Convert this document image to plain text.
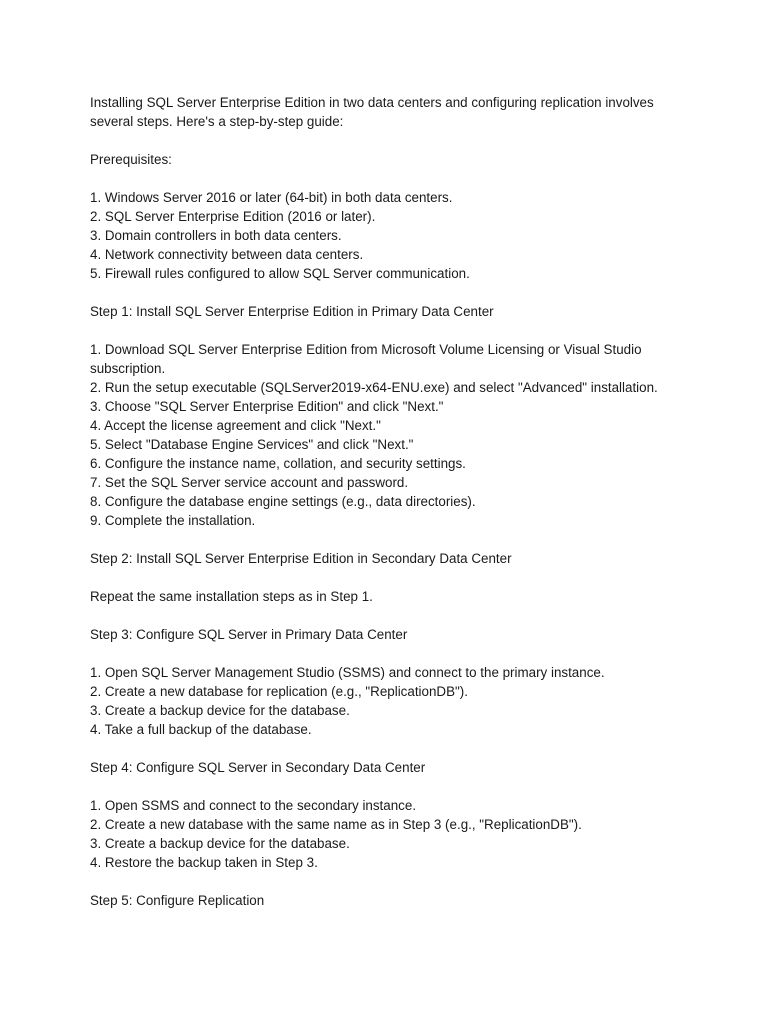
Installing SQL Server Enterprise Edition in two data centers and configuring replication involves several steps. Here's a step-by-step guide:

Prerequisites:

1. Windows Server 2016 or later (64-bit) in both data centers.
2. SQL Server Enterprise Edition (2016 or later).
3. Domain controllers in both data centers.
4. Network connectivity between data centers.
5. Firewall rules configured to allow SQL Server communication.

Step 1: Install SQL Server Enterprise Edition in Primary Data Center

1. Download SQL Server Enterprise Edition from Microsoft Volume Licensing or Visual Studio subscription.
2. Run the setup executable (SQLServer2019-x64-ENU.exe) and select "Advanced" installation.
3. Choose "SQL Server Enterprise Edition" and click "Next."
4. Accept the license agreement and click "Next."
5. Select "Database Engine Services" and click "Next."
6. Configure the instance name, collation, and security settings.
7. Set the SQL Server service account and password.
8. Configure the database engine settings (e.g., data directories).
9. Complete the installation.

Step 2: Install SQL Server Enterprise Edition in Secondary Data Center

Repeat the same installation steps as in Step 1.

Step 3: Configure SQL Server in Primary Data Center

1. Open SQL Server Management Studio (SSMS) and connect to the primary instance.
2. Create a new database for replication (e.g., "ReplicationDB").
3. Create a backup device for the database.
4. Take a full backup of the database.

Step 4: Configure SQL Server in Secondary Data Center

1. Open SSMS and connect to the secondary instance.
2. Create a new database with the same name as in Step 3 (e.g., "ReplicationDB").
3. Create a backup device for the database.
4. Restore the backup taken in Step 3.

Step 5: Configure Replication
